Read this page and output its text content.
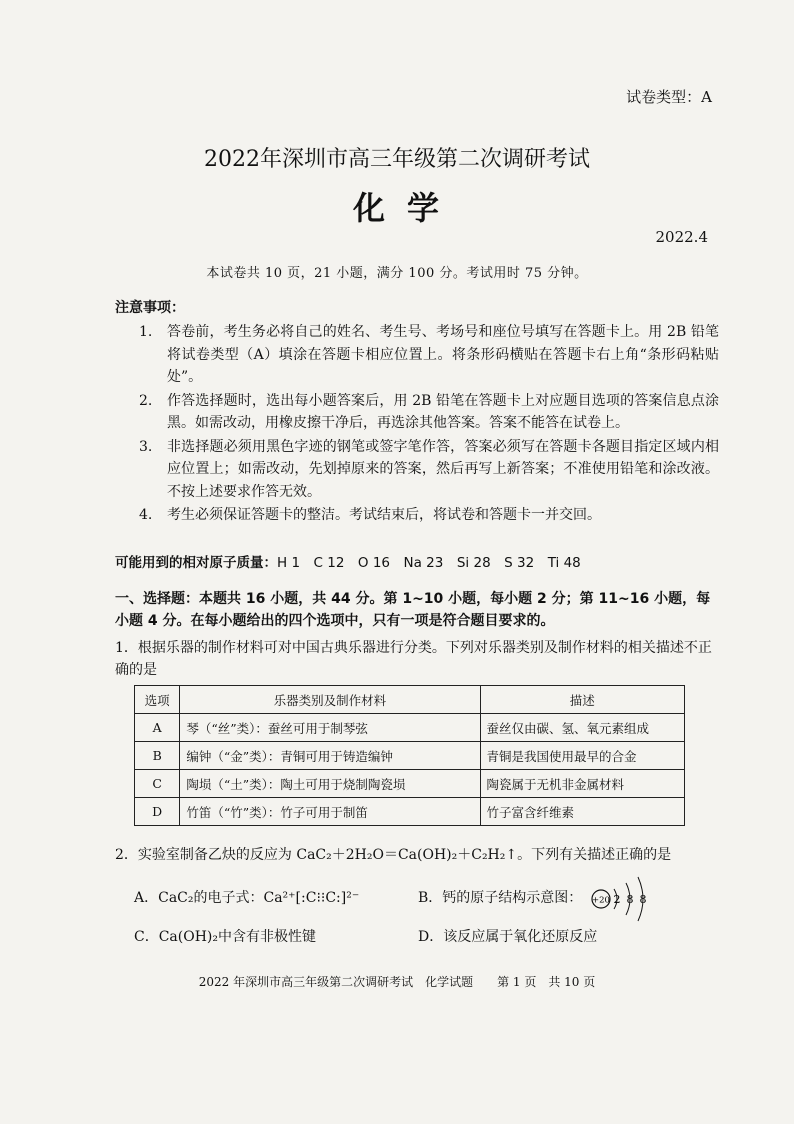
试卷类型：A
2022年深圳市高三年级第二次调研考试
化学
2022.4
本试卷共 10 页，21 小题，满分 100 分。考试用时 75 分钟。
注意事项：
1.	答卷前，考生务必将自己的姓名、考生号、考场号和座位号填写在答题卡上。用 2B 铅笔将试卷类型（A）填涂在答题卡相应位置上。将条形码横贴在答题卡右上角“条形码粘贴处”。
2.	作答选择题时，选出每小题答案后，用 2B 铅笔在答题卡上对应题目选项的答案信息点涂黑。如需改动，用橡皮擦干净后，再选涂其他答案。答案不能答在试卷上。
3.	非选择题必须用黑色字迹的钢笔或签字笔作答，答案必须写在答题卡各题目指定区域内相应位置上；如需改动，先划掉原来的答案，然后再写上新答案；不准使用铅笔和涂改液。不按上述要求作答无效。
4.	考生必须保证答题卡的整洁。考试结束后，将试卷和答题卡一并交回。
可能用到的相对原子质量：H 1　C 12　O 16　Na 23　Si 28　S 32　Ti 48
一、选择题：本题共 16 小题，共 44 分。第 1~10 小题，每小题 2 分；第 11~16 小题，每小题 4 分。在每小题给出的四个选项中，只有一项是符合题目要求的。
1．根据乐器的制作材料可对中国古典乐器进行分类。下列对乐器类别及制作材料的相关描述不正确的是
选项	乐器类别及制作材料	描述
A	琴（“丝”类）：蚕丝可用于制琴弦	蚕丝仅由碳、氢、氧元素组成
B	编钟（“金”类）：青铜可用于铸造编钟	青铜是我国使用最早的合金
C	陶埙（“土”类）：陶土可用于烧制陶瓷埙	陶瓷属于无机非金属材料
D	竹笛（“竹”类）：竹子可用于制笛	竹子富含纤维素
2．实验室制备乙炔的反应为 CaC₂＋2H₂O＝Ca(OH)₂＋C₂H₂↑。下列有关描述正确的是
A．CaC₂的电子式：Ca²⁺[:C⁝⁝C:]²⁻	B．钙的原子结构示意图： +20 2 8 8
C．Ca(OH)₂中含有非极性键	D．该反应属于氧化还原反应
2022 年深圳市高三年级第二次调研考试　化学试题　　第 1 页　共 10 页
